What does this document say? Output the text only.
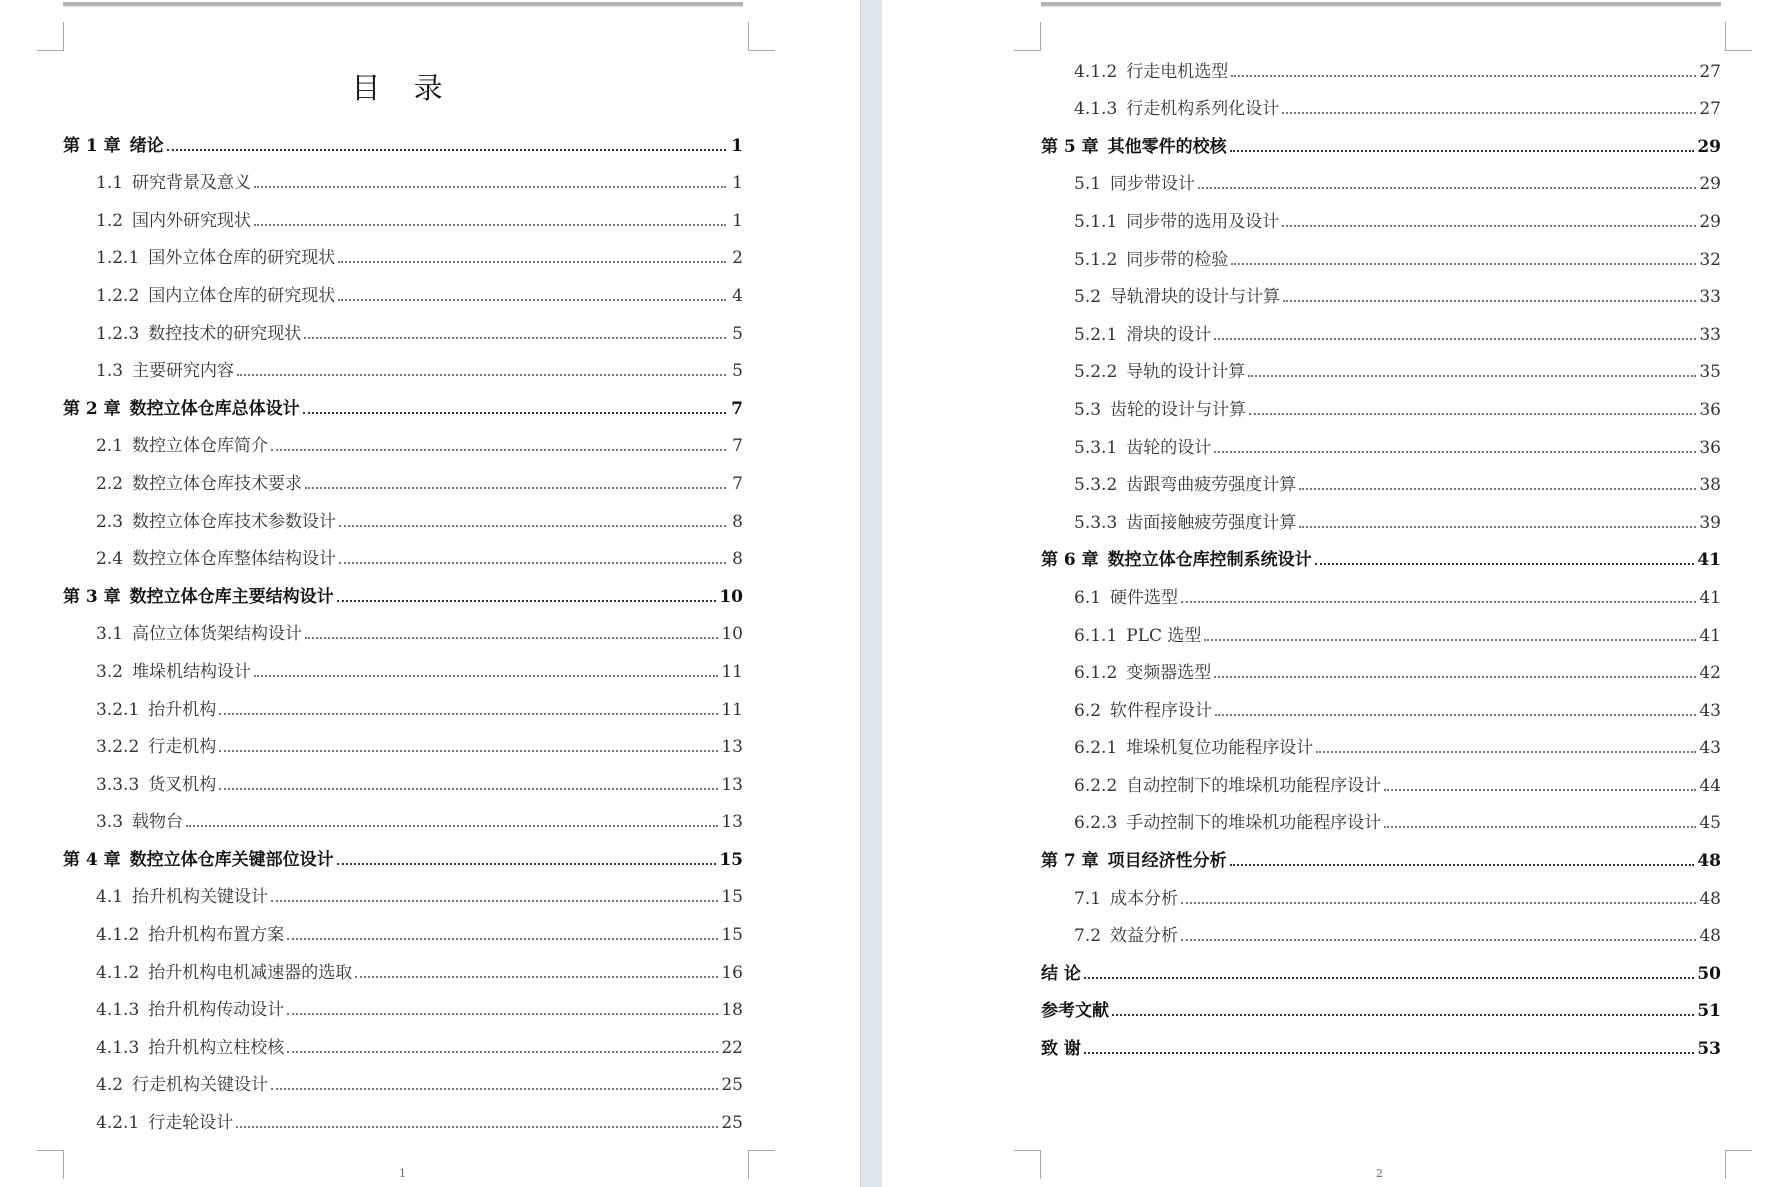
目 录
第 1 章 绪论	1
1.1 研究背景及意义	1
1.2 国内外研究现状	1
1.2.1 国外立体仓库的研究现状	2
1.2.2 国内立体仓库的研究现状	4
1.2.3 数控技术的研究现状	5
1.3 主要研究内容	5
第 2 章 数控立体仓库总体设计	7
2.1 数控立体仓库简介	7
2.2 数控立体仓库技术要求	7
2.3 数控立体仓库技术参数设计	8
2.4 数控立体仓库整体结构设计	8
第 3 章 数控立体仓库主要结构设计	10
3.1 高位立体货架结构设计	10
3.2 堆垛机结构设计	11
3.2.1 抬升机构	11
3.2.2 行走机构	13
3.3.3 货叉机构	13
3.3 载物台	13
第 4 章 数控立体仓库关键部位设计	15
4.1 抬升机构关键设计	15
4.1.2 抬升机构布置方案	15
4.1.2 抬升机构电机减速器的选取	16
4.1.3 抬升机构传动设计	18
4.1.3 抬升机构立柱校核	22
4.2 行走机构关键设计	25
4.2.1 行走轮设计	25
1
4.1.2 行走电机选型	27
4.1.3 行走机构系列化设计	27
第 5 章 其他零件的校核	29
5.1 同步带设计	29
5.1.1 同步带的选用及设计	29
5.1.2 同步带的检验	32
5.2 导轨滑块的设计与计算	33
5.2.1 滑块的设计	33
5.2.2 导轨的设计计算	35
5.3 齿轮的设计与计算	36
5.3.1 齿轮的设计	36
5.3.2 齿跟弯曲疲劳强度计算	38
5.3.3 齿面接触疲劳强度计算	39
第 6 章 数控立体仓库控制系统设计	41
6.1 硬件选型	41
6.1.1 PLC 选型	41
6.1.2 变频器选型	42
6.2 软件程序设计	43
6.2.1 堆垛机复位功能程序设计	43
6.2.2 自动控制下的堆垛机功能程序设计	44
6.2.3 手动控制下的堆垛机功能程序设计	45
第 7 章 项目经济性分析	48
7.1 成本分析	48
7.2 效益分析	48
结 论	50
参考文献	51
致 谢	53
2
